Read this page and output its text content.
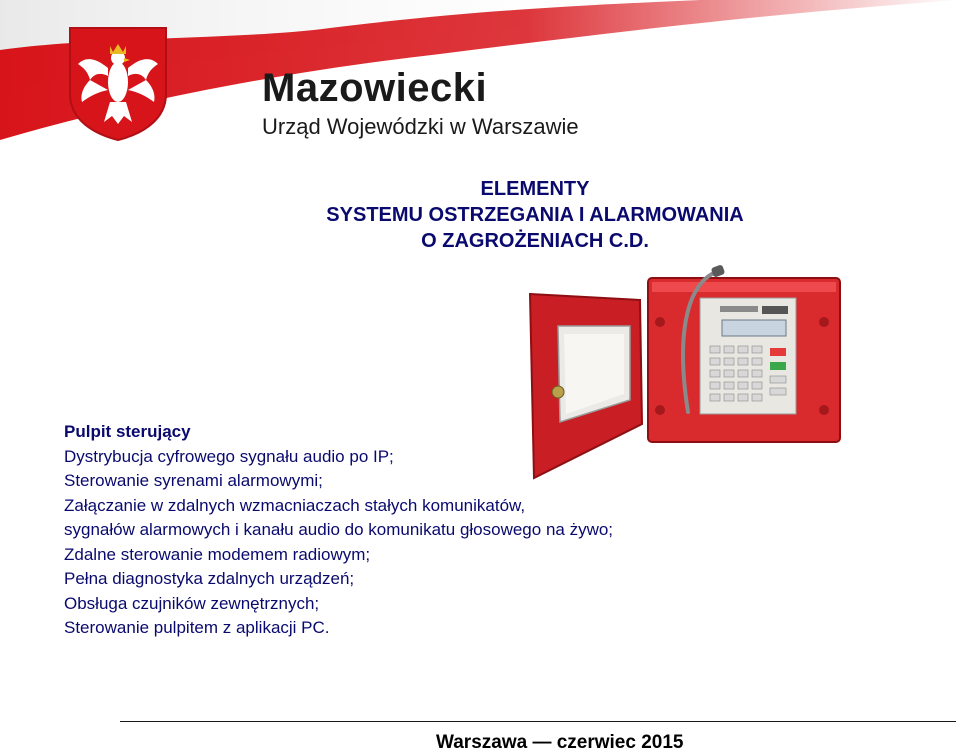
Mazowiecki
Urząd Wojewódzki w Warszawie
ELEMENTY
SYSTEMU OSTRZEGANIA I ALARMOWANIA
O ZAGROŻENIACH C.D.
Pulpit sterujący
Dystrybucja cyfrowego sygnału audio po IP;
Sterowanie syrenami alarmowymi;
Załączanie w zdalnych wzmacniaczach stałych komunikatów,
sygnałów alarmowych i kanału audio do komunikatu głosowego na żywo;
Zdalne sterowanie modemem radiowym;
Pełna diagnostyka zdalnych urządzeń;
Obsługa czujników zewnętrznych;
Sterowanie pulpitem z aplikacji PC.
Warszawa — czerwiec 2015
